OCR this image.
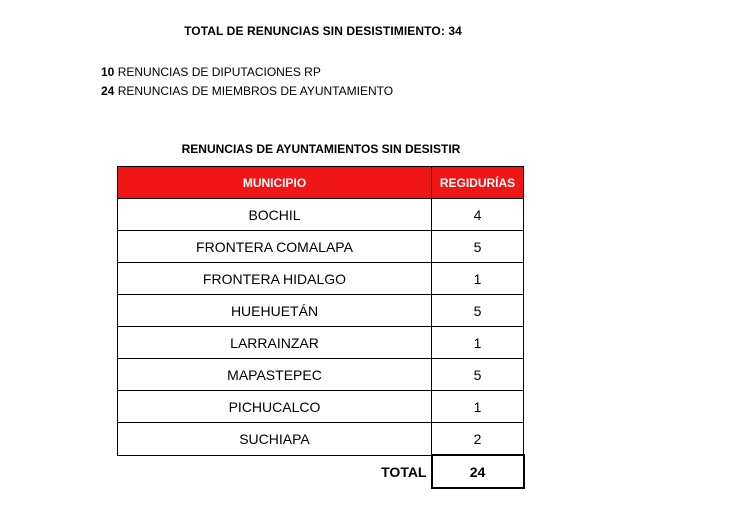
TOTAL DE RENUNCIAS SIN DESISTIMIENTO: 34
10 RENUNCIAS DE DIPUTACIONES RP
24 RENUNCIAS DE MIEMBROS DE AYUNTAMIENTO
RENUNCIAS DE AYUNTAMIENTOS SIN DESISTIR
MUNICIPIO	REGIDURÍAS
BOCHIL	4
FRONTERA COMALAPA	5
FRONTERA HIDALGO	1
HUEHUETÁN	5
LARRAINZAR	1
MAPASTEPEC	5
PICHUCALCO	1
SUCHIAPA	2
TOTAL	24
